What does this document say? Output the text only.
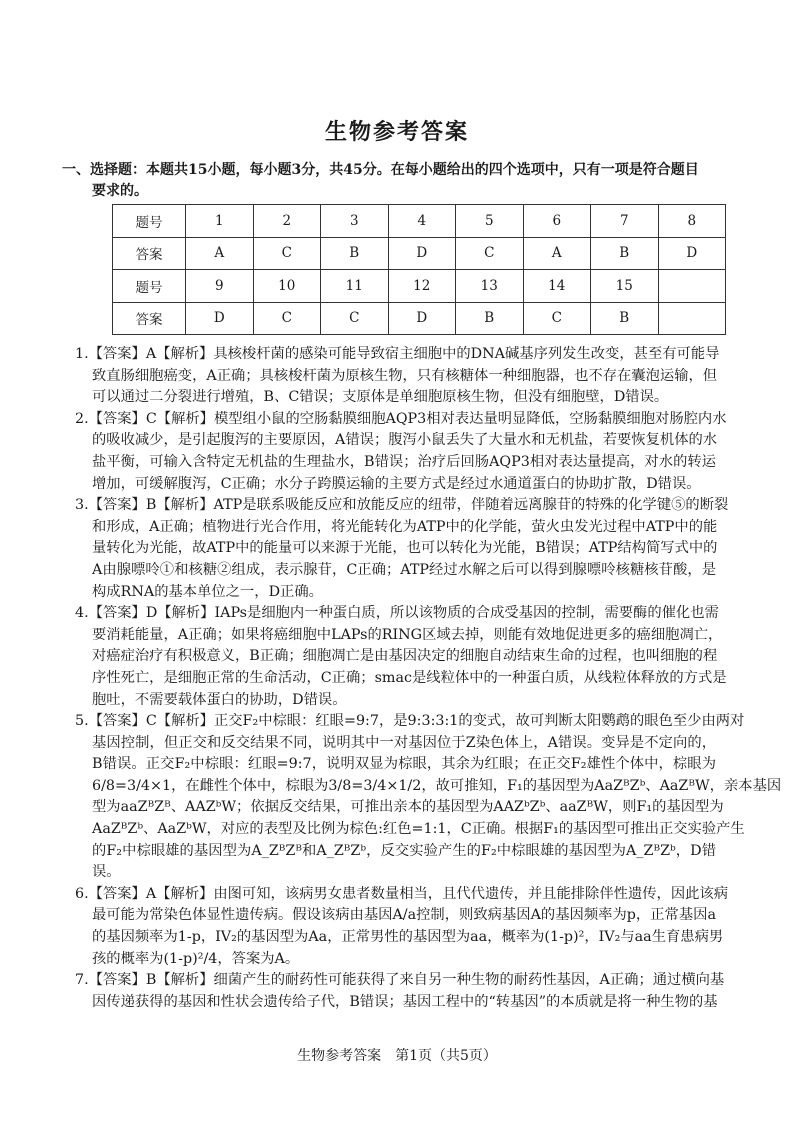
生物参考答案
一、选择题：本题共15小题，每小题3分，共45分。在每小题给出的四个选项中，只有一项是符合题目
要求的。
题号	1	2	3	4	5	6	7	8
答案	A	C	B	D	C	A	B	D
题号	9	10	11	12	13	14	15	
答案	D	C	C	D	B	C	B	
1.【答案】A【解析】具核梭杆菌的感染可能导致宿主细胞中的DNA碱基序列发生改变，甚至有可能导
致直肠细胞癌变，A正确；具核梭杆菌为原核生物，只有核糖体一种细胞器，也不存在囊泡运输，但
可以通过二分裂进行增殖，B、C错误；支原体是单细胞原核生物，但没有细胞壁，D错误。
2.【答案】C【解析】模型组小鼠的空肠黏膜细胞AQP3相对表达量明显降低，空肠黏膜细胞对肠腔内水
的吸收减少，是引起腹泻的主要原因，A错误；腹泻小鼠丢失了大量水和无机盐，若要恢复机体的水
盐平衡，可输入含特定无机盐的生理盐水，B错误；治疗后回肠AQP3相对表达量提高，对水的转运
增加，可缓解腹泻，C正确；水分子跨膜运输的主要方式是经过水通道蛋白的协助扩散，D错误。
3.【答案】B【解析】ATP是联系吸能反应和放能反应的纽带，伴随着远离腺苷的特殊的化学键⑤的断裂
和形成，A正确；植物进行光合作用，将光能转化为ATP中的化学能，萤火虫发光过程中ATP中的能
量转化为光能，故ATP中的能量可以来源于光能，也可以转化为光能，B错误；ATP结构简写式中的
A由腺嘌呤①和核糖②组成，表示腺苷，C正确；ATP经过水解之后可以得到腺嘌呤核糖核苷酸，是
构成RNA的基本单位之一，D正确。
4.【答案】D【解析】IAPs是细胞内一种蛋白质，所以该物质的合成受基因的控制，需要酶的催化也需
要消耗能量，A正确；如果将癌细胞中LAPs的RING区域去掉，则能有效地促进更多的癌细胞凋亡，
对癌症治疗有积极意义，B正确；细胞凋亡是由基因决定的细胞自动结束生命的过程，也叫细胞的程
序性死亡，是细胞正常的生命活动，C正确；smac是线粒体中的一种蛋白质，从线粒体释放的方式是
胞吐，不需要载体蛋白的协助，D错误。
5.【答案】C【解析】正交F₂中棕眼：红眼=9:7，是9:3:3:1的变式，故可判断太阳鹦鹉的眼色至少由两对
基因控制，但正交和反交结果不同，说明其中一对基因位于Z染色体上，A错误。变异是不定向的，
B错误。正交F₂中棕眼：红眼=9:7，说明双显为棕眼，其余为红眼；在正交F₂雄性个体中，棕眼为
6/8=3/4×1，在雌性个体中，棕眼为3/8=3/4×1/2，故可推知，F₁的基因型为AaZᴮZᵇ、AaZᴮW，亲本基因
型为aaZᴮZᴮ、AAZᵇW；依据反交结果，可推出亲本的基因型为AAZᵇZᵇ、aaZᴮW，则F₁的基因型为
AaZᴮZᵇ、AaZᵇW，对应的表型及比例为棕色:红色=1:1，C正确。根据F₁的基因型可推出正交实验产生
的F₂中棕眼雄的基因型为A_ZᴮZᴮ和A_ZᴮZᵇ，反交实验产生的F₂中棕眼雄的基因型为A_ZᴮZᵇ，D错
误。
6.【答案】A【解析】由图可知，该病男女患者数量相当，且代代遗传，并且能排除伴性遗传，因此该病
最可能为常染色体显性遗传病。假设该病由基因A/a控制，则致病基因A的基因频率为p，正常基因a
的基因频率为1-p，IV₂的基因型为Aa，正常男性的基因型为aa，概率为(1-p)²，IV₂与aa生育患病男
孩的概率为(1-p)²/4，答案为A。
7.【答案】B【解析】细菌产生的耐药性可能获得了来自另一种生物的耐药性基因，A正确；通过横向基
因传递获得的基因和性状会遗传给子代，B错误；基因工程中的“转基因”的本质就是将一种生物的基
生物参考答案　第1页（共5页）
